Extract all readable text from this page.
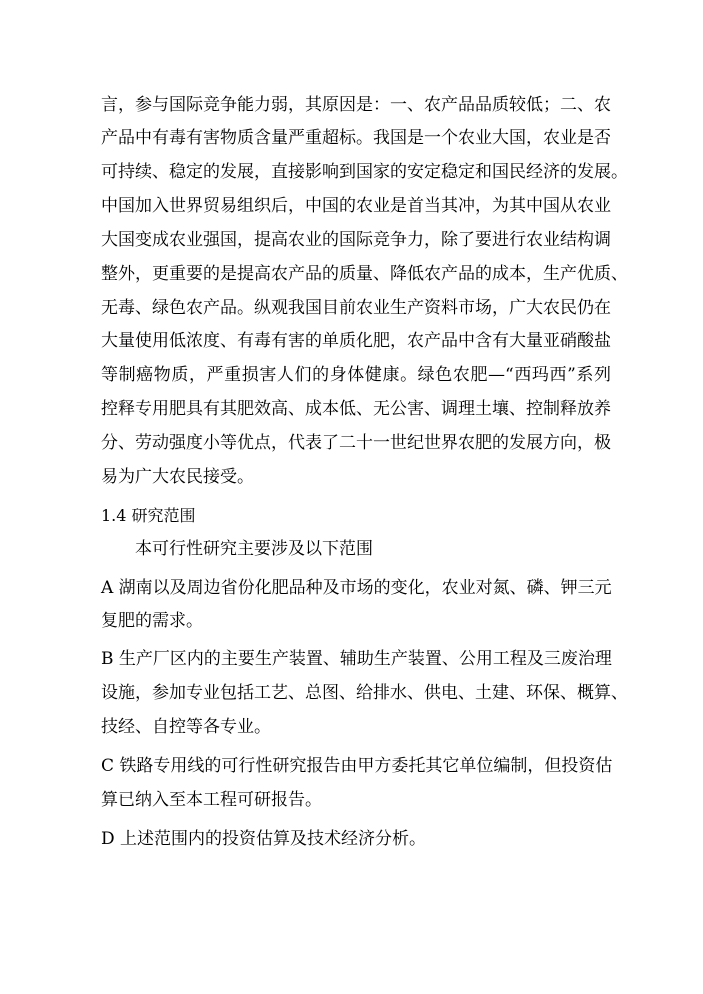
言，参与国际竞争能力弱，其原因是：一、农产品品质较低；二、农
产品中有毒有害物质含量严重超标。我国是一个农业大国，农业是否
可持续、稳定的发展，直接影响到国家的安定稳定和国民经济的发展。
中国加入世界贸易组织后，中国的农业是首当其冲，为其中国从农业
大国变成农业强国，提高农业的国际竞争力，除了要进行农业结构调
整外，更重要的是提高农产品的质量、降低农产品的成本，生产优质、
无毒、绿色农产品。纵观我国目前农业生产资料市场，广大农民仍在
大量使用低浓度、有毒有害的单质化肥，农产品中含有大量亚硝酸盐
等制癌物质，严重损害人们的身体健康。绿色农肥—“西玛西”系列
控释专用肥具有其肥效高、成本低、无公害、调理土壤、控制释放养
分、劳动强度小等优点，代表了二十一世纪世界农肥的发展方向，极
易为广大农民接受。
1.4 研究范围
本可行性研究主要涉及以下范围
A 湖南以及周边省份化肥品种及市场的变化，农业对氮、磷、钾三元
复肥的需求。
B 生产厂区内的主要生产装置、辅助生产装置、公用工程及三废治理
设施，参加专业包括工艺、总图、给排水、供电、土建、环保、概算、
技经、自控等各专业。
C 铁路专用线的可行性研究报告由甲方委托其它单位编制，但投资估
算已纳入至本工程可研报告。
D 上述范围内的投资估算及技术经济分析。
